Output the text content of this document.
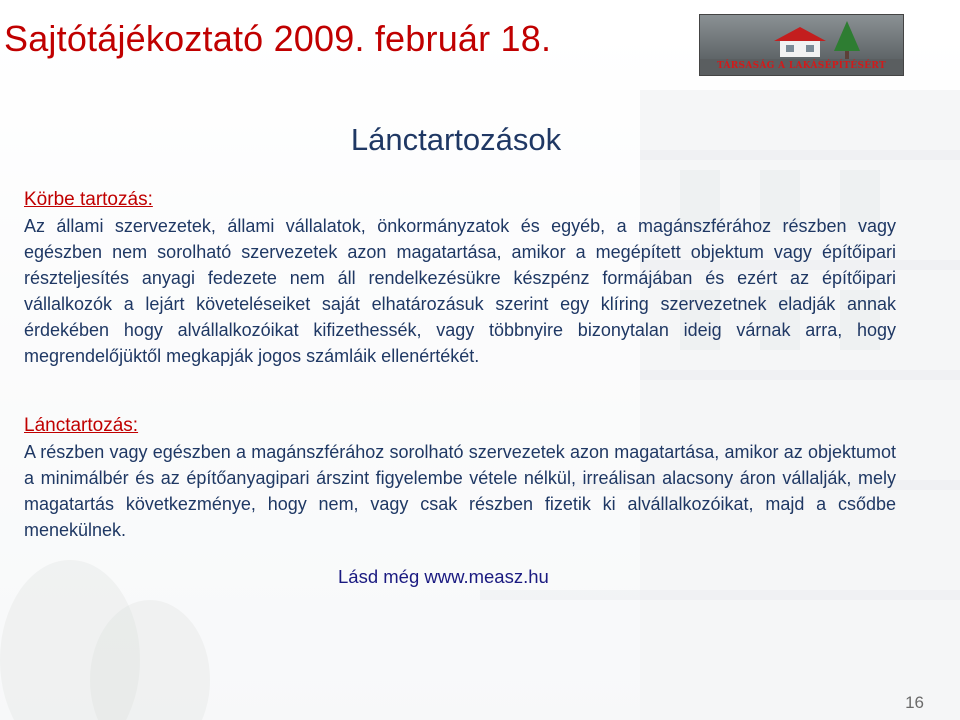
Sajtótájékoztató 2009. február 18.
TÁRSASÁG A LAKÁSÉPÍTÉSÉRT
Lánctartozások
Körbe tartozás:

Az állami szervezetek, állami vállalatok, önkormányzatok és egyéb, a magánszférához részben vagy egészben nem sorolható szervezetek azon magatartása, amikor a megépített objektum vagy építőipari részteljesítés anyagi fedezete nem áll rendelkezésükre készpénz formájában és ezért az építőipari vállalkozók a lejárt követeléseiket saját elhatározásuk szerint egy klíring szervezetnek eladják annak érdekében hogy alvállalkozóikat kifizethessék, vagy többnyire bizonytalan ideig várnak arra, hogy megrendelőjüktől megkapják jogos számláik ellenértékét.

Lánctartozás:

A részben vagy egészben a magánszférához sorolható szervezetek azon magatartása, amikor az objektumot a minimálbér és az építőanyagipari árszint figyelembe vétele nélkül, irreálisan alacsony áron vállalják, mely magatartás következménye, hogy nem, vagy csak részben fizetik ki alvállalkozóikat, majd a csődbe menekülnek.

Lásd még www.measz.hu
16
